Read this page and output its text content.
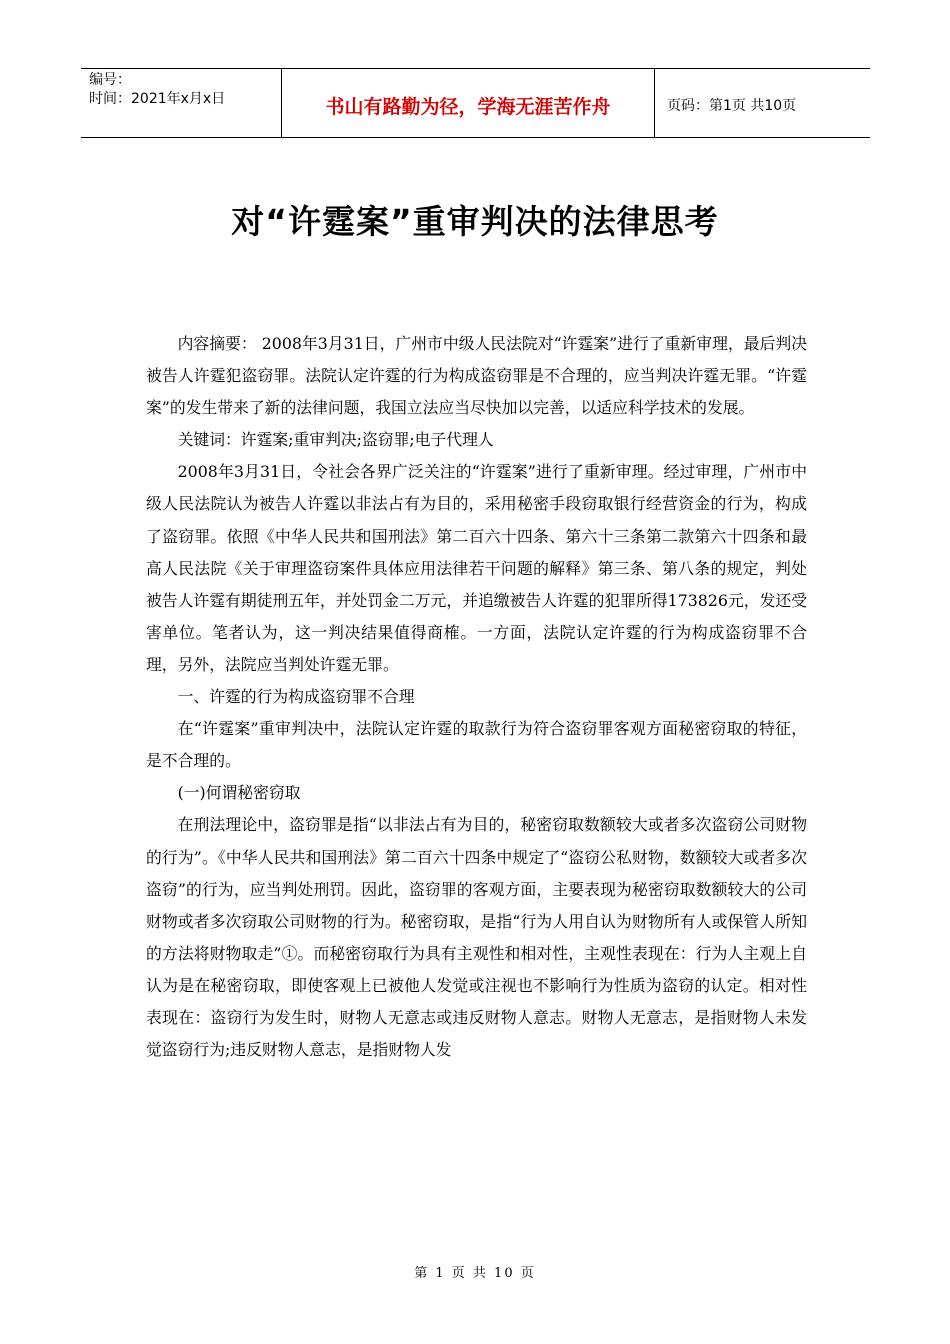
编号：
时间：2021年x月x日	书山有路勤为径，学海无涯苦作舟	页码：第1页 共10页
对“许霆案”重审判决的法律思考

内容摘要： 2008年3月31日，广州市中级人民法院对“许霆案”进行了重新审理，最后判决被告人许霆犯盗窃罪。法院认定许霆的行为构成盗窃罪是不合理的，应当判决许霆无罪。“许霆案”的发生带来了新的法律问题，我国立法应当尽快加以完善，以适应科学技术的发展。

关键词：许霆案;重审判决;盗窃罪;电子代理人

2008年3月31日，令社会各界广泛关注的“许霆案”进行了重新审理。经过审理，广州市中级人民法院认为被告人许霆以非法占有为目的，采用秘密手段窃取银行经营资金的行为，构成了盗窃罪。依照《中华人民共和国刑法》第二百六十四条、第六十三条第二款第六十四条和最高人民法院《关于审理盗窃案件具体应用法律若干问题的解释》第三条、第八条的规定，判处被告人许霆有期徒刑五年，并处罚金二万元，并追缴被告人许霆的犯罪所得173826元，发还受害单位。笔者认为，这一判决结果值得商榷。一方面，法院认定许霆的行为构成盗窃罪不合理，另外，法院应当判处许霆无罪。

一、许霆的行为构成盗窃罪不合理

在“许霆案”重审判决中，法院认定许霆的取款行为符合盗窃罪客观方面秘密窃取的特征，是不合理的。

(一)何谓秘密窃取

在刑法理论中，盗窃罪是指“以非法占有为目的，秘密窃取数额较大或者多次盗窃公司财物的行为”。《中华人民共和国刑法》第二百六十四条中规定了“盗窃公私财物，数额较大或者多次盗窃”的行为，应当判处刑罚。因此，盗窃罪的客观方面，主要表现为秘密窃取数额较大的公司财物或者多次窃取公司财物的行为。秘密窃取，是指“行为人用自认为财物所有人或保管人所知的方法将财物取走”①。而秘密窃取行为具有主观性和相对性，主观性表现在：行为人主观上自认为是在秘密窃取，即使客观上已被他人发觉或注视也不影响行为性质为盗窃的认定。相对性表现在：盗窃行为发生时，财物人无意志或违反财物人意志。财物人无意志，是指财物人未发觉盗窃行为;违反财物人意志，是指财物人发

第 1 页 共 10 页
